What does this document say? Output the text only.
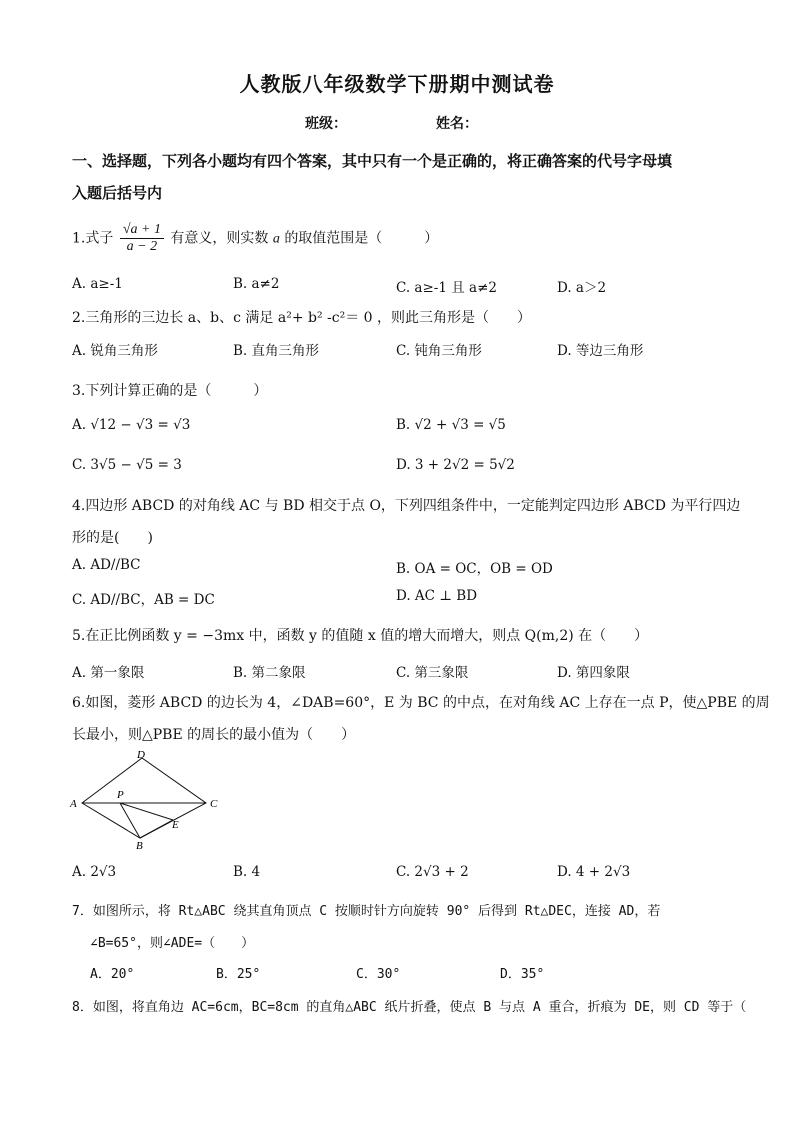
人教版八年级数学下册期中测试卷
班级：	姓名：
一、选择题，下列各小题均有四个答案，其中只有一个是正确的，将正确答案的代号字母填
入题后括号内
1.式子 $\frac{√a + 1}{a - 2}$ 有意义，则实数 a 的取值范围是（　　　）
A. a≥-1	B. a≠2	C. a≥-1 且 a≠2	D. a＞2
2.三角形的三边长 a、b、c 满足 a²+ b² -c²＝ 0 ，则此三角形是（　　）
A. 锐角三角形	B. 直角三角形	C. 钝角三角形	D. 等边三角形
3.下列计算正确的是（　　　）
A. √12 − √3 = √3	B. √2 + √3 = √5
C. 3√5 − √5 = 3	D. 3 + 2√2 = 5√2
4.四边形 ABCD 的对角线 AC 与 BD 相交于点 O，下列四组条件中，一定能判定四边形 ABCD 为平行四边
形的是(　　)
A. AD//BC	B. OA = OC，OB = OD
C. AD//BC，AB = DC	D. AC ⊥ BD
5.在正比例函数 y = −3mx 中，函数 y 的值随 x 值的增大而增大，则点 Q(m,2) 在（　　）
A. 第一象限	B. 第二象限	C. 第三象限	D. 第四象限
6.如图，菱形 ABCD 的边长为 4，∠DAB=60°，E 为 BC 的中点，在对角线 AC 上存在一点 P，使△PBE 的周
长最小，则△PBE 的周长的最小值为（　　）
D
A
P
C
E
B
A. 2√3	B. 4	C. 2√3 + 2	D. 4 + 2√3
7．如图所示，将 Rt△ABC 绕其直角顶点 C 按顺时针方向旋转 90° 后得到 Rt△DEC，连接 AD，若
∠B=65°，则∠ADE=（　　）
A．20°	B．25°	C．30°	D．35°
8．如图，将直角边 AC=6cm，BC=8cm 的直角△ABC 纸片折叠，使点 B 与点 A 重合，折痕为 DE，则 CD 等于（
